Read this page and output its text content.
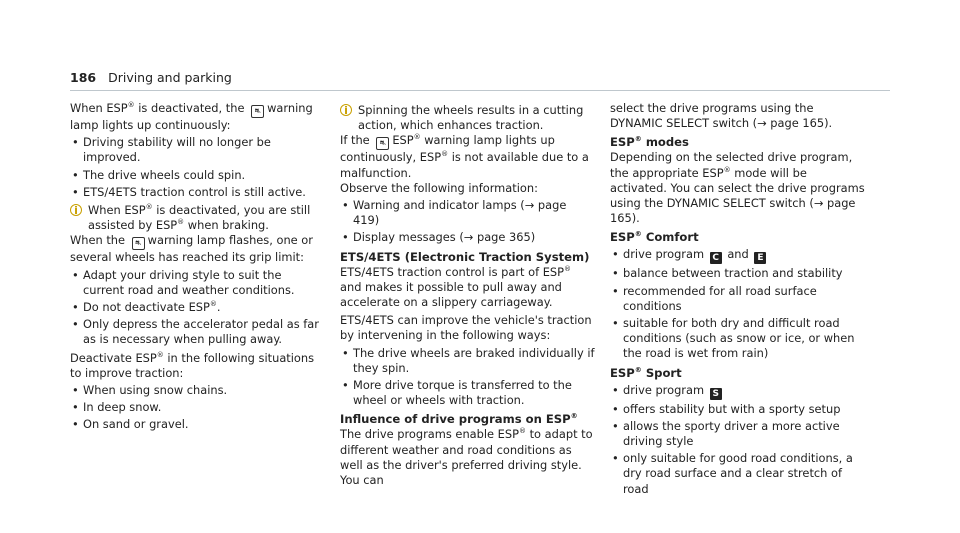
186 Driving and parking

When ESP® is deactivated, the ⛐ warning lamp lights up continuously:

• Driving stability will no longer be improved.
• The drive wheels could spin.
• ETS/4ETS traction control is still active.
i When ESP® is deactivated, you are still assisted by ESP® when braking.

When the ⛐ warning lamp flashes, one or several wheels has reached its grip limit:

• Adapt your driving style to suit the current road and weather conditions.
• Do not deactivate ESP®.
• Only depress the accelerator pedal as far as is necessary when pulling away.

Deactivate ESP® in the following situations to improve traction:

• When using snow chains.
• In deep snow.
• On sand or gravel.
i Spinning the wheels results in a cutting action, which enhances traction.

If the ⛐ ESP® warning lamp lights up continuously, ESP® is not available due to a malfunction.

Observe the following information:

• Warning and indicator lamps (→ page 419)
• Display messages (→ page 365)
ETS/4ETS (Electronic Traction System)

ETS/4ETS traction control is part of ESP® and makes it possible to pull away and accelerate on a slippery carriageway.

ETS/4ETS can improve the vehicle's traction by intervening in the following ways:

• The drive wheels are braked individually if they spin.
• More drive torque is transferred to the wheel or wheels with traction.
Influence of drive programs on ESP®

The drive programs enable ESP® to adapt to different weather and road conditions as well as the driver's preferred driving style. You can

select the drive programs using the DYNAMIC SELECT switch (→ page 165).

ESP® modes

Depending on the selected drive program, the appropriate ESP® mode will be activated. You can select the drive programs using the DYNAMIC SELECT switch (→ page 165).

ESP® Comfort
• drive program C and E
• balance between traction and stability
• recommended for all road surface conditions
• suitable for both dry and difficult road conditions (such as snow or ice, or when the road is wet from rain)
ESP® Sport
• drive program S
• offers stability but with a sporty setup
• allows the sporty driver a more active driving style
• only suitable for good road conditions, a dry road surface and a clear stretch of road
